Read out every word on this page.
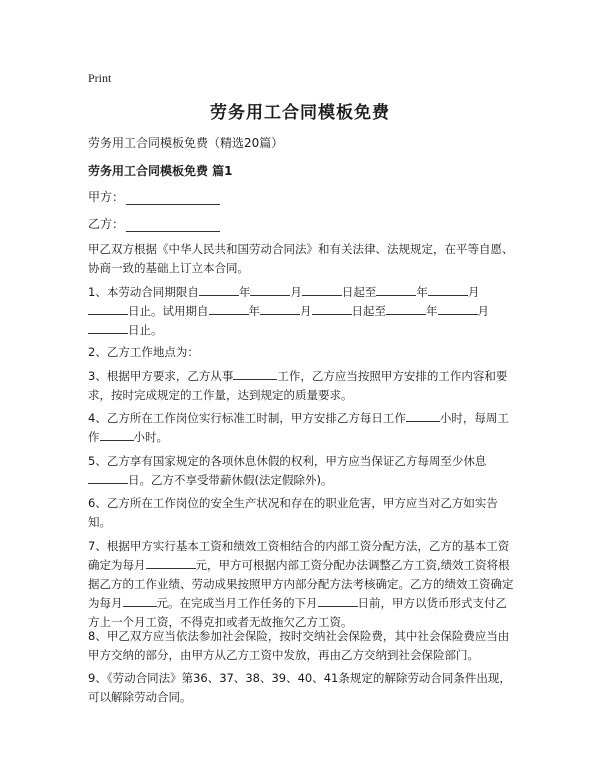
Print
劳务用工合同模板免费
劳务用工合同模板免费（精选20篇）
劳务用工合同模板免费 篇1
甲方：
乙方：
甲乙双方根据《中华人民共和国劳动合同法》和有关法律、法规规定，在平等自愿、协商一致的基础上订立本合同。
1、本劳动合同期限自	年	月	日起至	年	月
日止。试用期自	年	月	日起至	年	月
日止。
2、乙方工作地点为：
3、根据甲方要求，乙方从事	工作，乙方应当按照甲方安排的工作内容和要求，按时完成规定的工作量，达到规定的质量要求。
4、乙方所在工作岗位实行标准工时制，甲方安排乙方每日工作	小时，每周工作	小时。
5、乙方享有国家规定的各项休息休假的权利，甲方应当保证乙方每周至少休息日。乙方不享受带薪休假(法定假除外)。
6、乙方所在工作岗位的安全生产状况和存在的职业危害，甲方应当对乙方如实告知。
7、根据甲方实行基本工资和绩效工资相结合的内部工资分配方法，乙方的基本工资确定为每月	元，甲方可根据内部工资分配办法调整乙方工资,绩效工资将根据乙方的工作业绩、劳动成果按照甲方内部分配方法考核确定。乙方的绩效工资确定为每月	元。在完成当月工作任务的下月	日前，甲方以货币形式支付乙方上一个月工资，不得克扣或者无故拖欠乙方工资。
8、甲乙双方应当依法参加社会保险，按时交纳社会保险费，其中社会保险费应当由甲方交纳的部分，由甲方从乙方工资中发放，再由乙方交纳到社会保险部门。
9、《劳动合同法》第36、37、38、39、40、41条规定的解除劳动合同条件出现，可以解除劳动合同。
